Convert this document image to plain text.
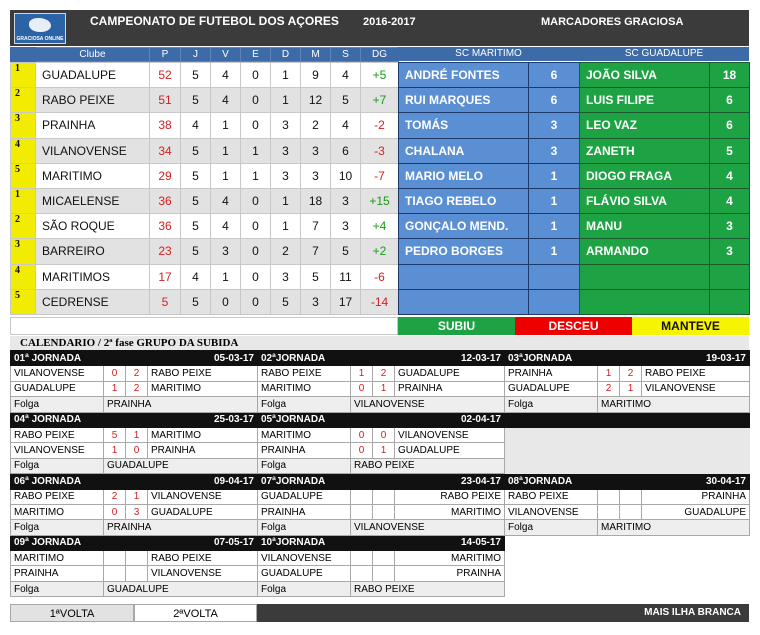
GRACIOSA ONLINE
CAMPEONATO DE FUTEBOL DOS AÇORES 2016-2017	MARCADORES GRACIOSA
	Clube	P	J	V	E	D	M	S	DG	SC MARITIMO	SC GUADALUPE
1	GUADALUPE	52	5	4	0	1	9	4	+5
2	RABO PEIXE	51	5	4	0	1	12	5	+7
3	PRAINHA	38	4	1	0	3	2	4	-2
4	VILANOVENSE	34	5	1	1	3	3	6	-3
5	MARITIMO	29	5	1	1	3	3	10	-7
1	MICAELENSE	36	5	4	0	1	18	3	+15
2	SÃO ROQUE	36	5	4	0	1	7	3	+4
3	BARREIRO	23	5	3	0	2	7	5	+2
4	MARITIMOS	17	4	1	0	3	5	11	-6
5	CEDRENSE	5	5	0	0	5	3	17	-14
ANDRÉ FONTES	6
RUI MARQUES	6
TOMÁS	3
CHALANA	3
MARIO MELO	1
TIAGO REBELO	1
GONÇALO MEND.	1
PEDRO BORGES	1

JOÃO SILVA	18
LUIS FILIPE	6
LEO VAZ	6
ZANETH	5
DIOGO FRAGA	4
FLÁVIO SILVA	4
MANU	3
ARMANDO	3

SUBIU	DESCEU	MANTEVE
CALENDARIO / 2ª fase GRUPO DA SUBIDA
01ª JORNADA		05-03-17		02ªJORNADA		12-03-17		03ªJORNADA		19-03-17	
VILANOVENSE	0	2	RABO PEIXE	RABO PEIXE	1	2	GUADALUPE	PRAINHA	1	2	RABO PEIXE
GUADALUPE	1	2	MARITIMO	MARITIMO	0	1	PRAINHA	GUADALUPE	2	1	VILANOVENSE
Folga	PRAINHA			Folga	VILANOVENSE			Folga	MARITIMO		
04ª JORNADA		25-03-17		05ªJORNADA		02-04-17					
RABO PEIXE	5	1	MARITIMO	MARITIMO	0	0	VILANOVENSE				
VILANOVENSE	1	0	PRAINHA	PRAINHA	0	1	GUADALUPE				
Folga	GUADALUPE			Folga	RABO PEIXE						
06ª JORNADA		09-04-17		07ªJORNADA		23-04-17		08ªJORNADA		30-04-17	
RABO PEIXE	2	1	VILANOVENSE	GUADALUPE			RABO PEIXE	RABO PEIXE			PRAINHA
MARITIMO	0	3	GUADALUPE	PRAINHA			MARITIMO	VILANOVENSE			GUADALUPE
Folga	PRAINHA			Folga	VILANOVENSE			Folga	MARITIMO		
09ª JORNADA		07-05-17		10ªJORNADA		14-05-17					
MARITIMO			RABO PEIXE	VILANOVENSE			MARITIMO				
PRAINHA			VILANOVENSE	GUADALUPE			PRAINHA				
Folga	GUADALUPE			Folga	RABO PEIXE						
1ªVOLTA	2ªVOLTA	MAIS ILHA BRANCA
